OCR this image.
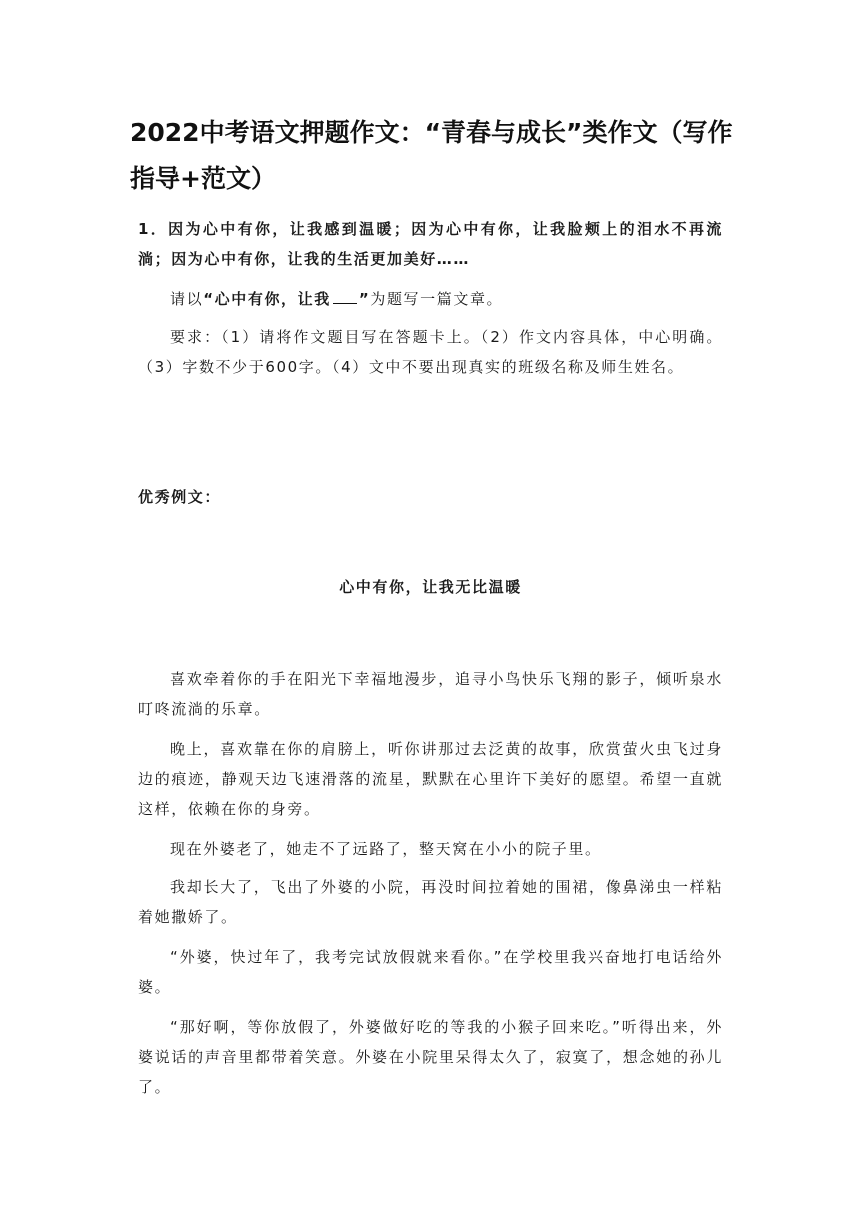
2022中考语文押题作文：“青春与成长”类作文（写作指导+范文）

1．因为心中有你，让我感到温暖；因为心中有你，让我脸颊上的泪水不再流淌；因为心中有你，让我的生活更加美好……

请以“心中有你，让我 ”为题写一篇文章。

要求：（1）请将作文题目写在答题卡上。（2）作文内容具体，中心明确。（3）字数不少于600字。（4）文中不要出现真实的班级名称及师生姓名。

优秀例文：

心中有你，让我无比温暖

喜欢牵着你的手在阳光下幸福地漫步，追寻小鸟快乐飞翔的影子，倾听泉水叮咚流淌的乐章。

晚上，喜欢靠在你的肩膀上，听你讲那过去泛黄的故事，欣赏萤火虫飞过身边的痕迹，静观天边飞速滑落的流星，默默在心里许下美好的愿望。希望一直就这样，依赖在你的身旁。

现在外婆老了，她走不了远路了，整天窝在小小的院子里。

我却长大了，飞出了外婆的小院，再没时间拉着她的围裙，像鼻涕虫一样粘着她撒娇了。

“外婆，快过年了，我考完试放假就来看你。”在学校里我兴奋地打电话给外婆。

“那好啊，等你放假了，外婆做好吃的等我的小猴子回来吃。”听得出来，外婆说话的声音里都带着笑意。外婆在小院里呆得太久了，寂寞了，想念她的孙儿了。
